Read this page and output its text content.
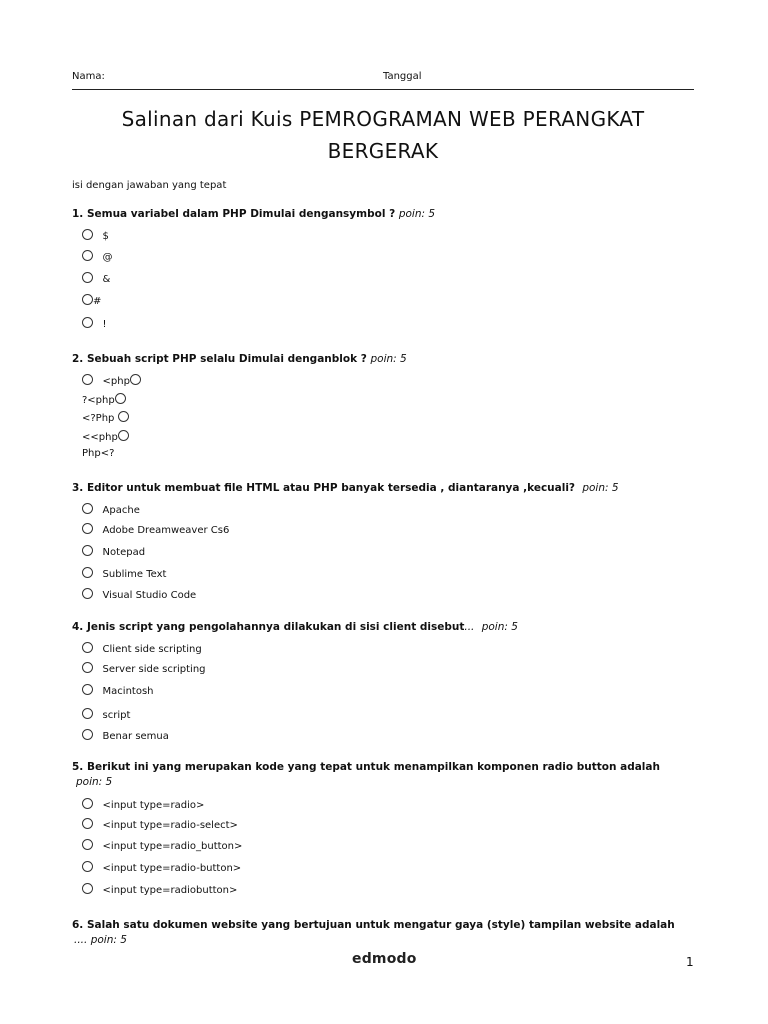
Nama:	Tanggal
Salinan dari Kuis PEMROGRAMAN WEB PERANGKAT
BERGERAK
isi dengan jawaban yang tepat
1. Semua variabel dalam PHP Dimulai dengansymbol ? poin: 5
$
@
&
#
!
2. Sebuah script PHP selalu Dimulai denganblok ? poin: 5
<php
?<php
<?Php
<<php
Php<?
3. Editor untuk membuat file HTML atau PHP banyak tersedia , diantaranya ,kecuali? poin: 5
Apache
Adobe Dreamweaver Cs6
Notepad
Sublime Text
Visual Studio Code
4. Jenis script yang pengolahannya dilakukan di sisi client disebut... poin: 5
Client side scripting
Server side scripting
Macintosh
script
Benar semua
5. Berikut ini yang merupakan kode yang tepat untuk menampilkan komponen radio button adalah
poin: 5
<input type=radio>
<input type=radio-select>
<input type=radio_button>
<input type=radio-button>
<input type=radiobutton>
6. Salah satu dokumen website yang bertujuan untuk mengatur gaya (style) tampilan website adalah
.... poin: 5
edmodo	1
